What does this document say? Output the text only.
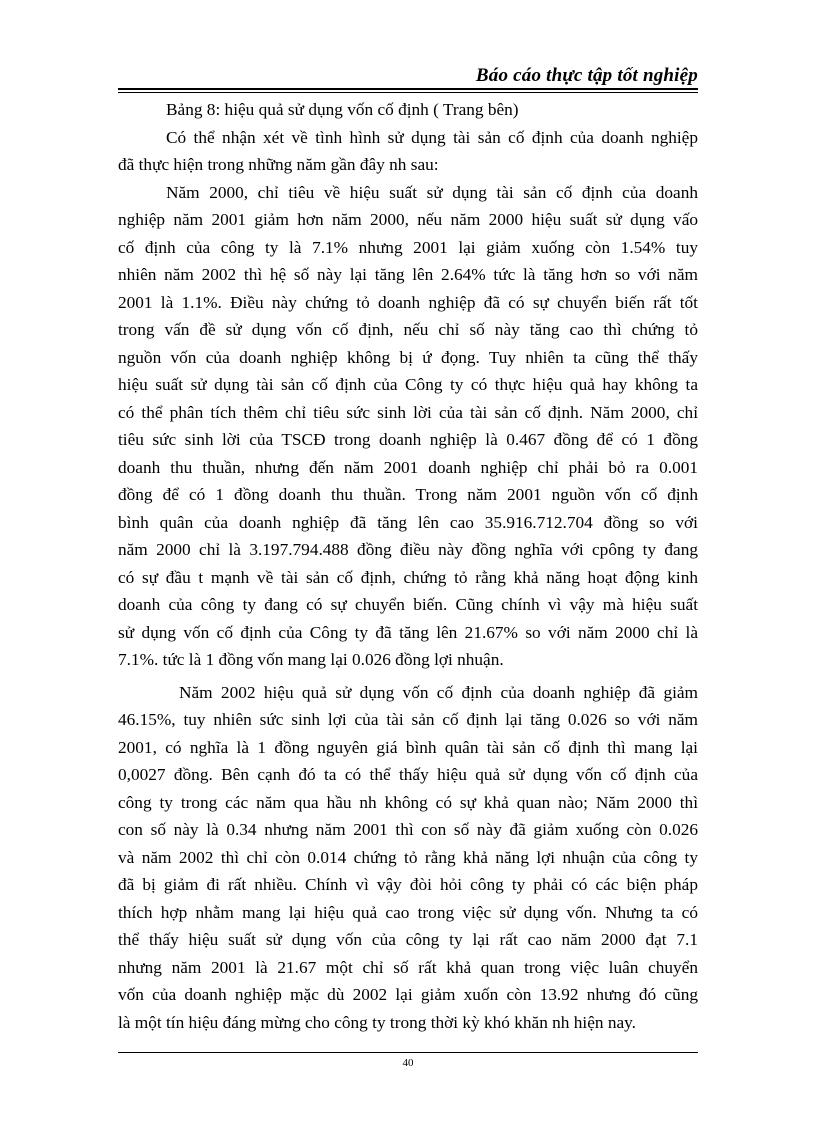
Báo cáo thực tập tốt nghiệp
Bảng 8: hiệu quả sử dụng vốn cố định ( Trang bên)
Có thể nhận xét về tình hình sử dụng tài sản cố định của doanh nghiệp
đã thực hiện trong những năm gần đây nh sau:
Năm 2000, chỉ tiêu về hiệu suất sử dụng tài sản cố định của doanh
nghiệp năm 2001 giảm hơn năm 2000, nếu năm 2000 hiệu suất sử dụng vấo
cố định của công ty là 7.1% nhưng 2001 lại giảm xuống còn 1.54% tuy
nhiên năm 2002 thì hệ số này lại tăng lên 2.64% tức là tăng hơn so với năm
2001 là 1.1%. Điều này chứng tỏ doanh nghiệp đã có sự chuyển biến rất tốt
trong vấn đề sử dụng vốn cố định, nếu chỉ số này tăng cao thì chứng tỏ
nguồn vốn của doanh nghiệp không bị ứ đọng. Tuy nhiên ta cũng thể thấy
hiệu suất sử dụng tài sản cố định của Công ty có thực hiệu quả hay không ta
có thể phân tích thêm chỉ tiêu sức sinh lời của tài sản cố định. Năm 2000, chỉ
tiêu sức sinh lời của TSCĐ trong doanh nghiệp là 0.467 đồng để có 1 đồng
doanh thu thuần, nhưng đến năm 2001 doanh nghiệp chỉ phải bỏ ra 0.001
đồng để có 1 đồng doanh thu thuần. Trong năm 2001 nguồn vốn cố định
bình quân của doanh nghiệp đã tăng lên cao 35.916.712.704 đồng so với
năm 2000 chỉ là 3.197.794.488 đồng điều này đồng nghĩa với cpông ty đang
có sự đầu t mạnh về tài sản cố định, chứng tỏ rằng khả năng hoạt động kinh
doanh của công ty đang có sự chuyển biến. Cũng chính vì vậy mà hiệu suất
sử dụng vốn cố định của Công ty đã tăng lên 21.67% so với năm 2000 chỉ là
7.1%. tức là 1 đồng vốn mang lại 0.026 đồng lợi nhuận.
Năm 2002 hiệu quả sử dụng vốn cố định của doanh nghiệp đã giảm
46.15%, tuy nhiên sức sinh lợi của tài sản cố định lại tăng 0.026 so với năm
2001, có nghĩa là 1 đồng nguyên giá bình quân tài sản cố định thì mang lại
0,0027 đồng. Bên cạnh đó ta có thể thấy hiệu quả sử dụng vốn cố định của
công ty trong các năm qua hầu nh không có sự khả quan nào; Năm 2000 thì
con số này là 0.34 nhưng năm 2001 thì con số này đã giảm xuống còn 0.026
và năm 2002 thì chỉ còn 0.014 chứng tỏ rằng khả năng lợi nhuận của công ty
đã bị giảm đi rất nhiều. Chính vì vậy đòi hỏi công ty phải có các biện pháp
thích hợp nhằm mang lại hiệu quả cao trong việc sử dụng vốn. Nhưng ta có
thể thấy hiệu suất sử dụng vốn của công ty lại rất cao năm 2000 đạt 7.1
nhưng năm 2001 là 21.67 một chỉ số rất khả quan trong việc luân chuyển
vốn của doanh nghiệp mặc dù 2002 lại giảm xuốn còn 13.92 nhưng đó cũng
là một tín hiệu đáng mừng cho công ty trong thời kỳ khó khăn nh hiện nay.
40
